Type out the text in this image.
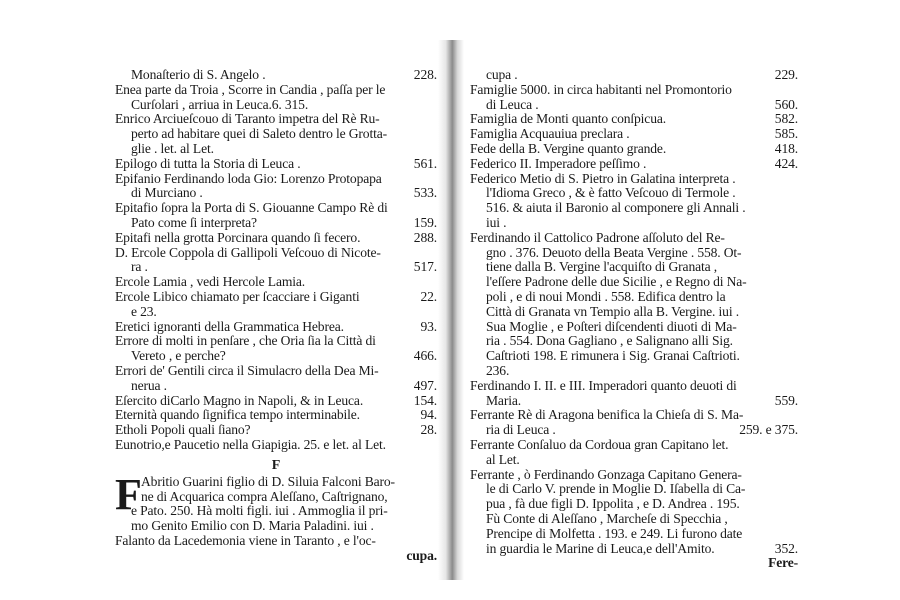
Monaſterio di S. Angelo .	228.
Enea parte da Troia , Scorre in Candia , paſſa per le
Curſolari , arriua in Leuca.6. 315.
Enrico Arciueſcouo di Taranto impetra del Rè Ru-
perto ad habitare quei di Saleto dentro le Grotta-
glie . let. al Let.
Epilogo di tutta la Storia di Leuca .	561.
Epifanio Ferdinando loda Gio: Lorenzo Protopapa
di Murciano .	533.
Epitafio ſopra la Porta di S. Giouanne Campo Rè di
Pato come ſi interpreta?	159.
Epitafi nella grotta Porcinara quando ſi fecero.	288.
D. Ercole Coppola di Gallipoli Veſcouo di Nicote-
ra .	517.
Ercole Lamia , vedi Hercole Lamia.
Ercole Libico chiamato per ſcacciare i Giganti	22.
e 23.
Eretici ignoranti della Grammatica Hebrea.	93.
Errore di molti in penſare , che Oria ſia la Città di
Vereto , e perche?	466.
Errori de' Gentili circa il Simulacro della Dea Mi-
nerua .	497.
Eſercito diCarlo Magno in Napoli, & in Leuca.	154.
Eternità quando ſignifica tempo interminabile.	94.
Etholi Popoli quali ſiano?	28.
Eunotrio,e Paucetio nella Giapigia. 25. e let. al Let.
F
F Abritio Guarini figlio di D. Siluia Falconi Baro-
ne di Acquarica compra Aleſſano, Caſtrignano,
e Pato. 250. Hà molti figli. iui . Ammoglia il pri-
mo Genito Emilio con D. Maria Paladini. iui .
Falanto da Lacedemonia viene in Taranto , e l'oc-
cupa.
cupa .	229.
Famiglie 5000. in circa habitanti nel Promontorio
di Leuca .	560.
Famiglia de Monti quanto conſpicua.	582.
Famiglia Acquauiua preclara .	585.
Fede della B. Vergine quanto grande.	418.
Federico II. Imperadore peſſimo .	424.
Federico Metio di S. Pietro in Galatina interpreta .
l'Idioma Greco , & è fatto Veſcouo di Termole .
516. & aiuta il Baronio al componere gli Annali .
iui .
Ferdinando il Cattolico Padrone aſſoluto del Re-
gno . 376. Deuoto della Beata Vergine . 558. Ot-
tiene dalla B. Vergine l'acquiſto di Granata ,
l'eſſere Padrone delle due Sicilie , e Regno di Na-
poli , e di noui Mondi . 558. Edifica dentro la
Città di Granata vn Tempio alla B. Vergine. iui .
Sua Moglie , e Poſteri diſcendenti diuoti di Ma-
ria . 554. Dona Gagliano , e Salignano alli Sig.
Caſtrioti 198. E rimunera i Sig. Granai Caſtrioti.
236.
Ferdinando I. II. e III. Imperadori quanto deuoti di
Maria.	559.
Ferrante Rè di Aragona benifica la Chieſa di S. Ma-
ria di Leuca .	259. e 375.
Ferrante Conſaluo da Cordoua gran Capitano let.
al Let.
Ferrante , ò Ferdinando Gonzaga Capitano Genera-
le di Carlo V. prende in Moglie D. Iſabella di Ca-
pua , fà due figli D. Ippolita , e D. Andrea . 195.
Fù Conte di Aleſſano , Marcheſe di Specchia ,
Prencipe di Molfetta . 193. e 249. Li furono date
in guardia le Marine di Leuca,e dell'Amito.	352.
Fere-
